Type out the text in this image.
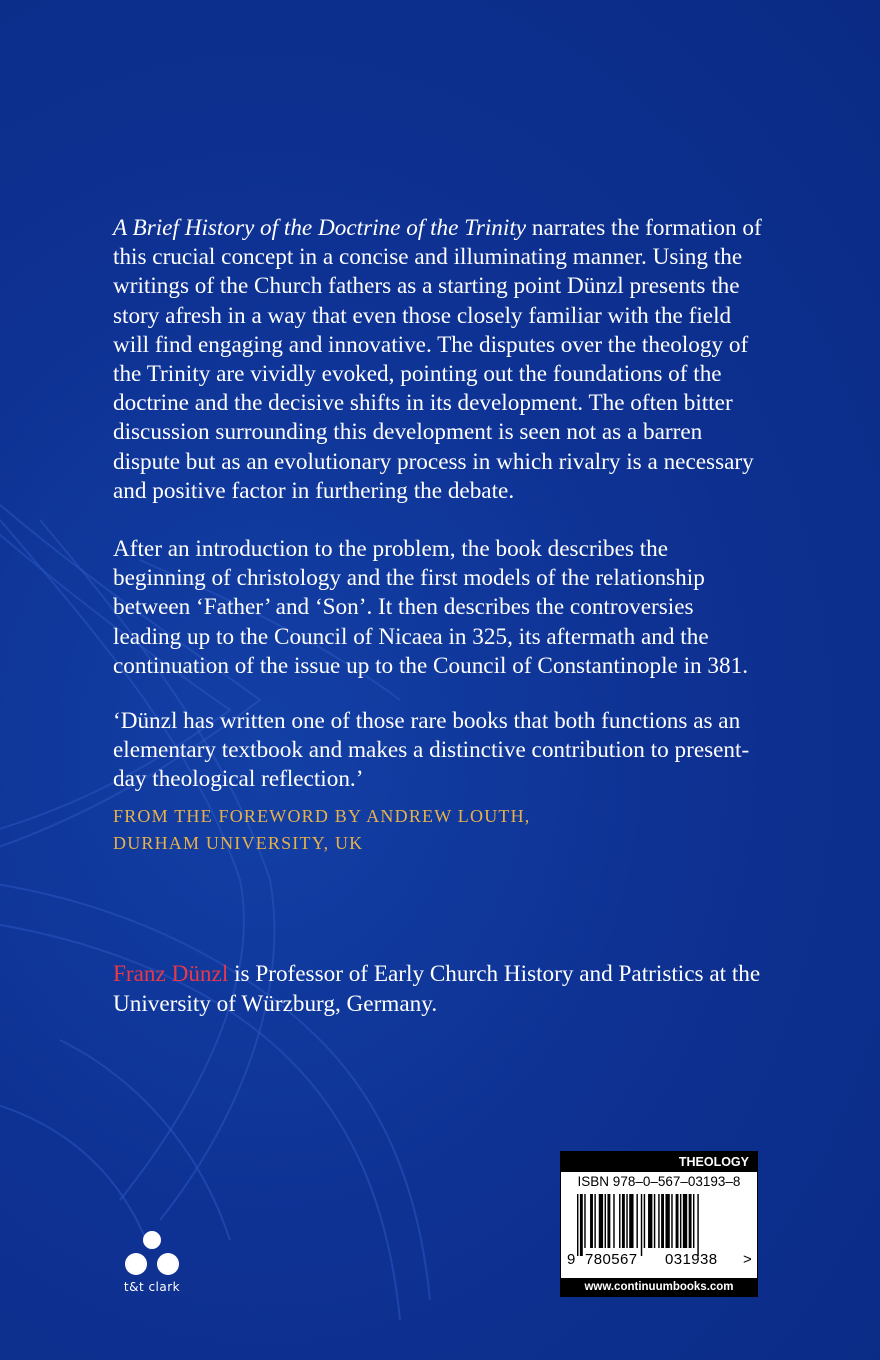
A Brief History of the Doctrine of the Trinity narrates the formation of this crucial concept in a concise and illuminating manner. Using the writings of the Church fathers as a starting point Dünzl presents the story afresh in a way that even those closely familiar with the field will find engaging and innovative. The disputes over the theology of the Trinity are vividly evoked, pointing out the foundations of the doctrine and the decisive shifts in its development. The often bitter discussion surrounding this development is seen not as a barren dispute but as an evolutionary process in which rivalry is a necessary and positive factor in furthering the debate.

After an introduction to the problem, the book describes the beginning of christology and the first models of the relationship between ‘Father’ and ‘Son’. It then describes the controversies leading up to the Council of Nicaea in 325, its aftermath and the continuation of the issue up to the Council of Constantinople in 381.

‘Dünzl has written one of those rare books that both functions as an elementary textbook and makes a distinctive contribution to present-day theological reflection.’

FROM THE FOREWORD BY ANDREW LOUTH,
DURHAM UNIVERSITY, UK
Franz Dünzl is Professor of Early Church History and Patristics at the University of Würzburg, Germany.
t&t clark
THEOLOGY
ISBN 978–0–567–03193–8
9 780567 031938 >
www.continuumbooks.com
